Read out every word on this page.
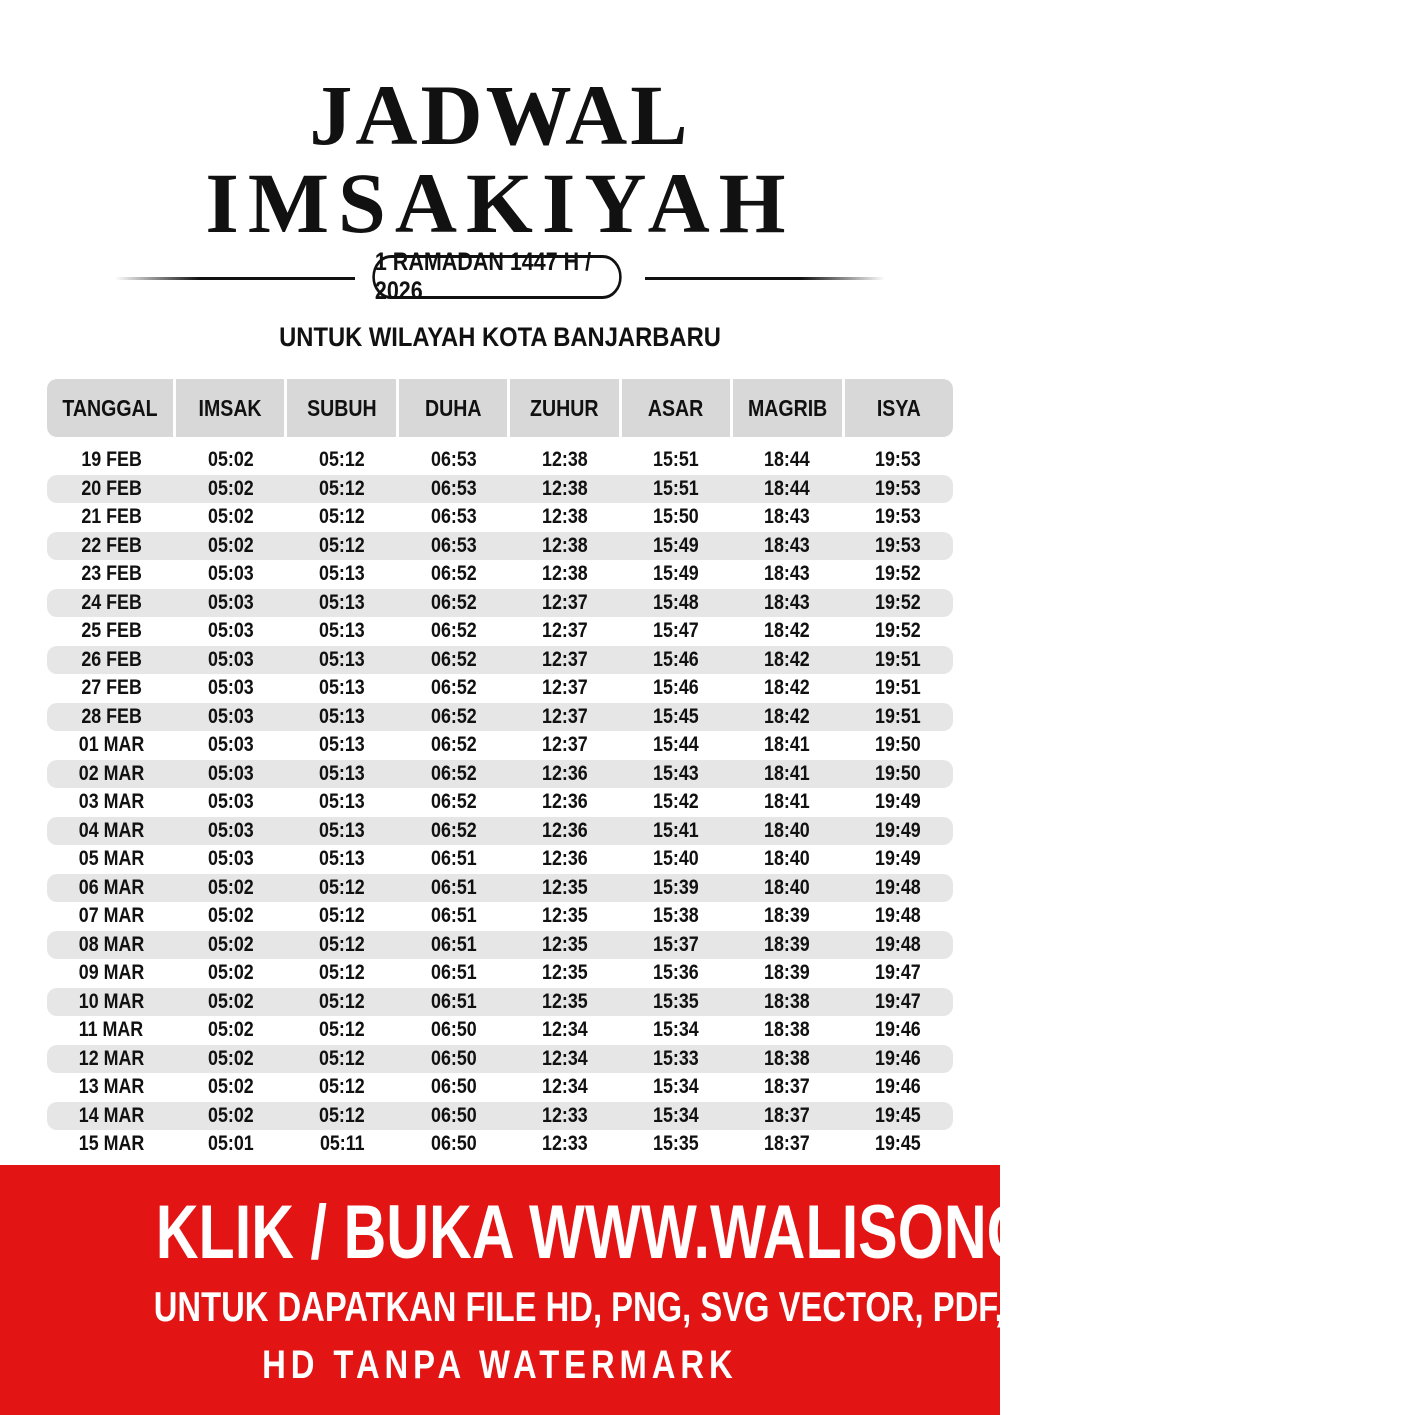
JADWAL
IMSAKIYAH
1 RAMADAN 1447 H / 2026
UNTUK WILAYAH KOTA BANJARBARU
TANGGAL IMSAK SUBUH DUHA ZUHUR ASAR MAGRIB ISYA
19 FEB	05:02	05:12	06:53	12:38	15:51	18:44	19:53
20 FEB	05:02	05:12	06:53	12:38	15:51	18:44	19:53
21 FEB	05:02	05:12	06:53	12:38	15:50	18:43	19:53
22 FEB	05:02	05:12	06:53	12:38	15:49	18:43	19:53
23 FEB	05:03	05:13	06:52	12:38	15:49	18:43	19:52
24 FEB	05:03	05:13	06:52	12:37	15:48	18:43	19:52
25 FEB	05:03	05:13	06:52	12:37	15:47	18:42	19:52
26 FEB	05:03	05:13	06:52	12:37	15:46	18:42	19:51
27 FEB	05:03	05:13	06:52	12:37	15:46	18:42	19:51
28 FEB	05:03	05:13	06:52	12:37	15:45	18:42	19:51
01 MAR	05:03	05:13	06:52	12:37	15:44	18:41	19:50
02 MAR	05:03	05:13	06:52	12:36	15:43	18:41	19:50
03 MAR	05:03	05:13	06:52	12:36	15:42	18:41	19:49
04 MAR	05:03	05:13	06:52	12:36	15:41	18:40	19:49
05 MAR	05:03	05:13	06:51	12:36	15:40	18:40	19:49
06 MAR	05:02	05:12	06:51	12:35	15:39	18:40	19:48
07 MAR	05:02	05:12	06:51	12:35	15:38	18:39	19:48
08 MAR	05:02	05:12	06:51	12:35	15:37	18:39	19:48
09 MAR	05:02	05:12	06:51	12:35	15:36	18:39	19:47
10 MAR	05:02	05:12	06:51	12:35	15:35	18:38	19:47
11 MAR	05:02	05:12	06:50	12:34	15:34	18:38	19:46
12 MAR	05:02	05:12	06:50	12:34	15:33	18:38	19:46
13 MAR	05:02	05:12	06:50	12:34	15:34	18:37	19:46
14 MAR	05:02	05:12	06:50	12:33	15:34	18:37	19:45
15 MAR	05:01	05:11	06:50	12:33	15:35	18:37	19:45
KLIK / BUKA WWW.WALISONGO.CO.ID
UNTUK DAPATKAN FILE HD, PNG, SVG VECTOR, PDF, WORD, EXCEL
HD TANPA WATERMARK
